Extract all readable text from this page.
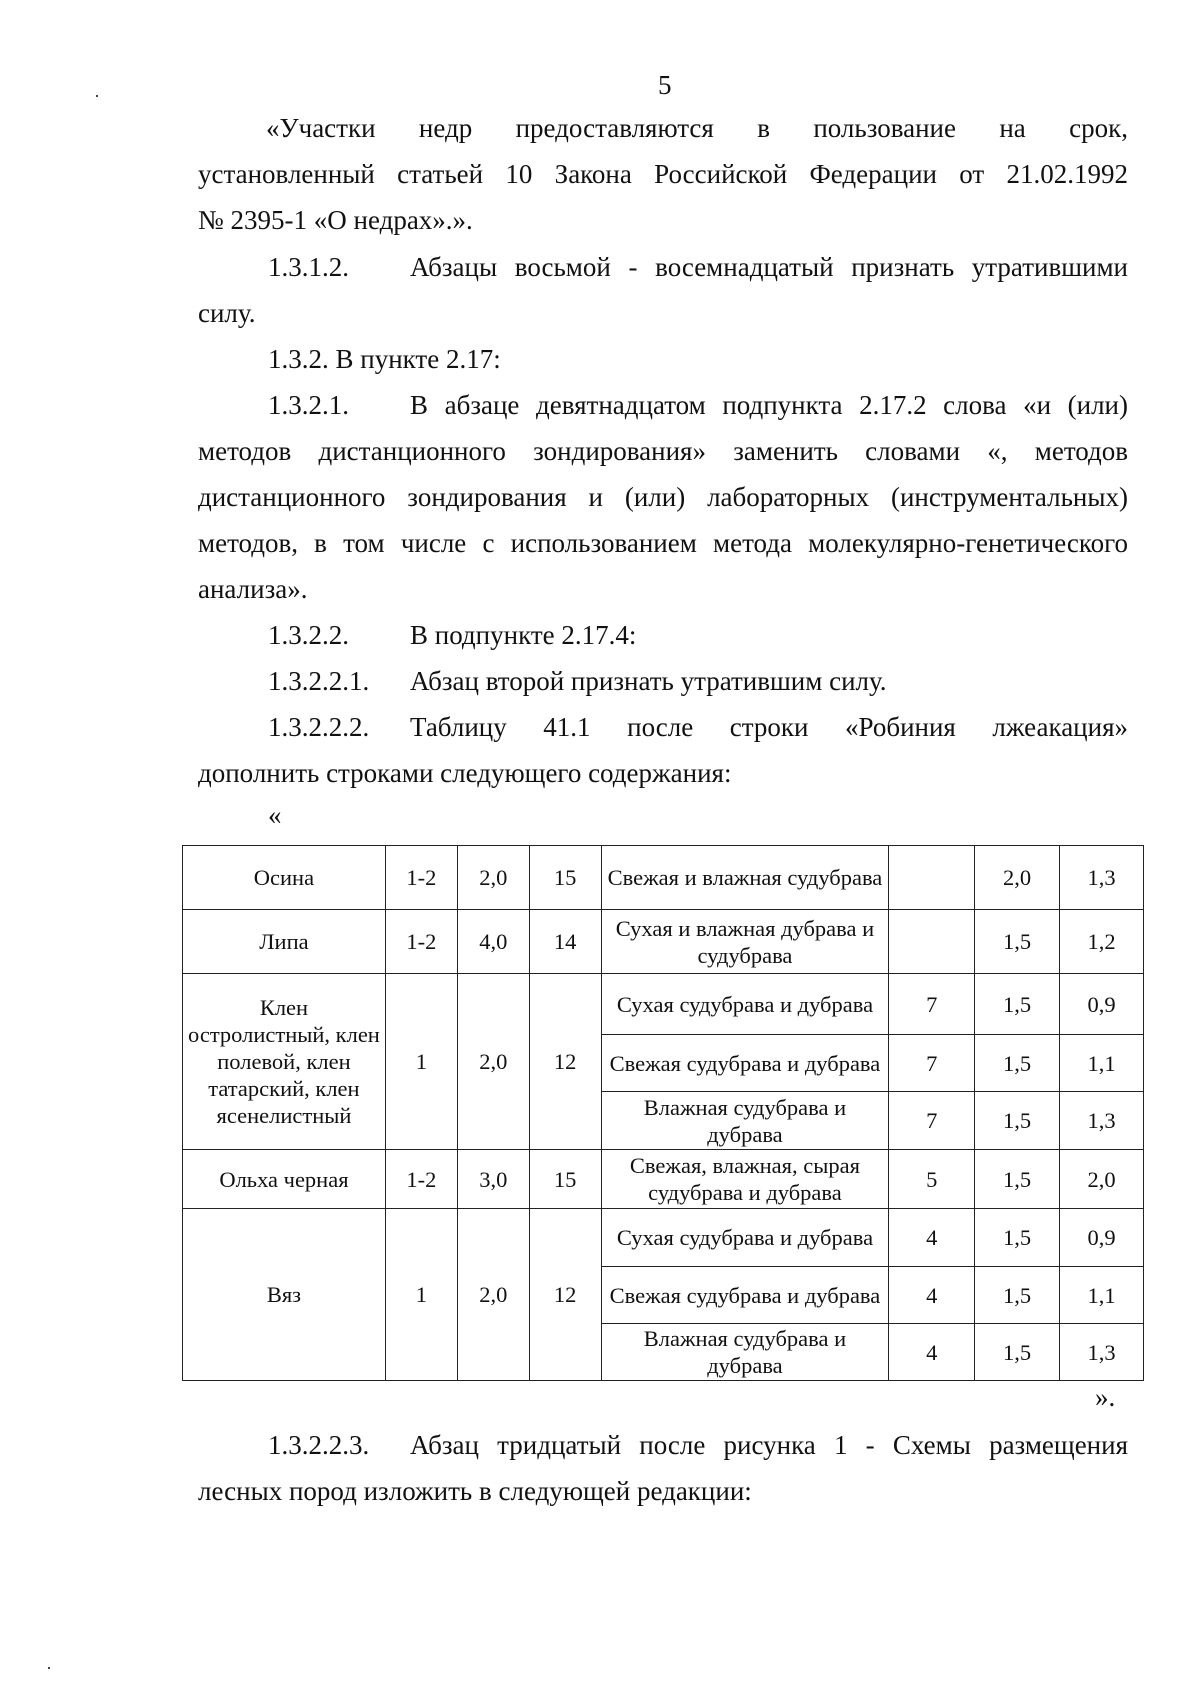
5
«Участки недр предоставляются в пользование на срок,
установленный статьей 10 Закона Российской Федерации от 21.02.1992
№ 2395-1 «О недрах».».
1.3.1.2. Абзацы восьмой - восемнадцатый признать утратившими
силу.
1.3.2. В пункте 2.17:
1.3.2.1. В абзаце девятнадцатом подпункта 2.17.2 слова «и (или)
методов дистанционного зондирования» заменить словами «, методов
дистанционного зондирования и (или) лабораторных (инструментальных)
методов, в том числе с использованием метода молекулярно-генетического
анализа».
1.3.2.2. В подпункте 2.17.4:
1.3.2.2.1. Абзац второй признать утратившим силу.
1.3.2.2.2. Таблицу 41.1 после строки «Робиния лжеакация»
дополнить строками следующего содержания:
«
Осина	1-2	2,0	15	Свежая и влажная судубрава		2,0	1,3
Липа	1-2	4,0	14	Сухая и влажная дубрава и судубрава		1,5	1,2
Клен остролистный, клен полевой, клен татарский, клен ясенелистный	1	2,0	12	Сухая судубрава и дубрава	7	1,5	0,9
				Свежая судубрава и дубрава	7	1,5	1,1
				Влажная судубрава и дубрава	7	1,5	1,3
Ольха черная	1-2	3,0	15	Свежая, влажная, сырая судубрава и дубрава	5	1,5	2,0
Вяз	1	2,0	12	Сухая судубрава и дубрава	4	1,5	0,9
				Свежая судубрава и дубрава	4	1,5	1,1
				Влажная судубрава и дубрава	4	1,5	1,3
».
1.3.2.2.3. Абзац тридцатый после рисунка 1 - Схемы размещения
лесных пород изложить в следующей редакции:
